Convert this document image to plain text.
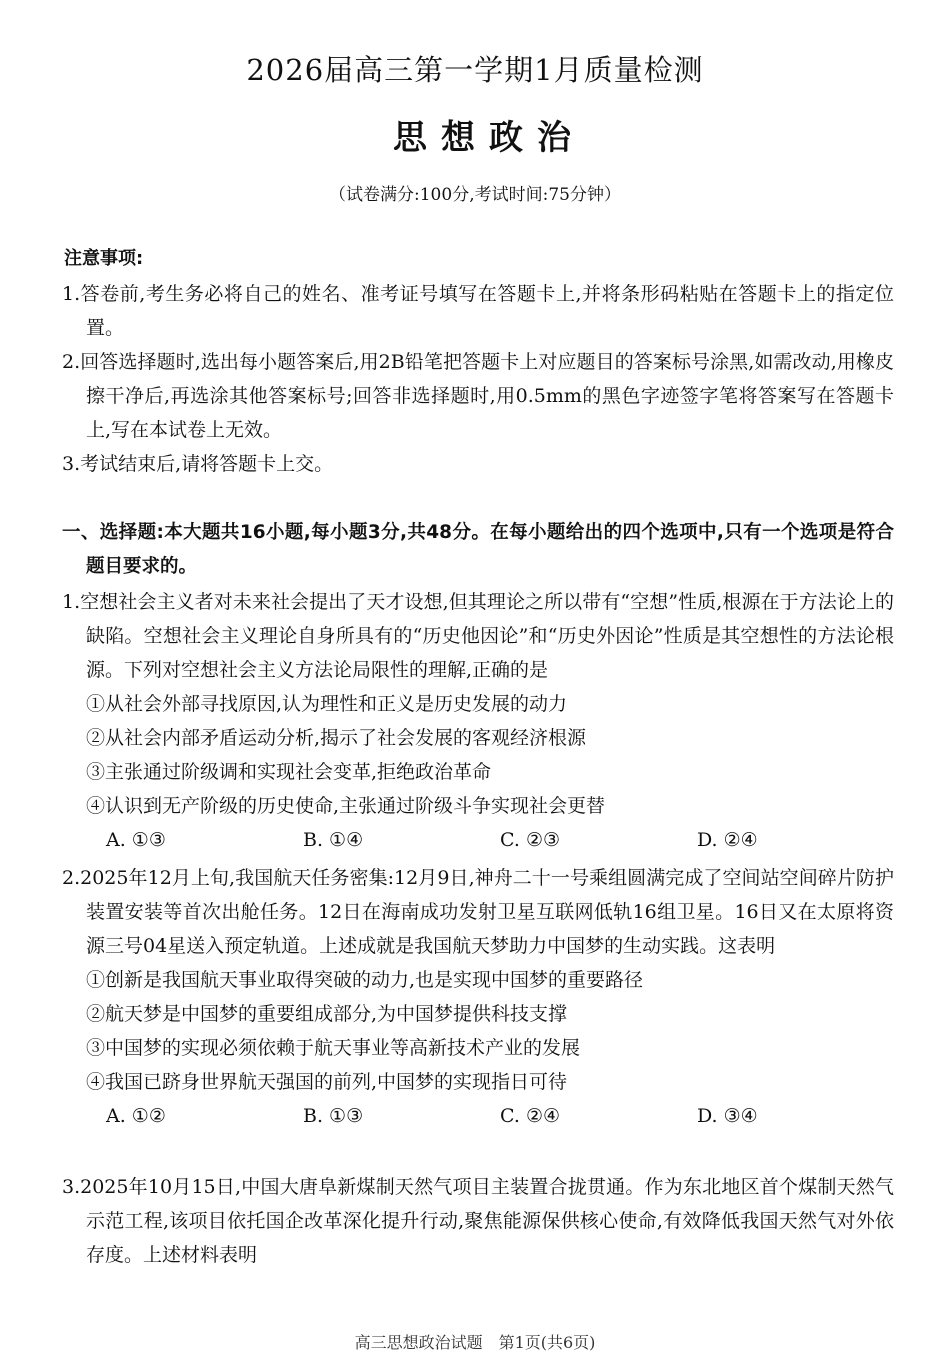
2026届高三第一学期1月质量检测
思想政治
（试卷满分:100分,考试时间:75分钟）
注意事项:

1.答卷前,考生务必将自己的姓名、准考证号填写在答题卡上,并将条形码粘贴在答题卡上的指定位置。

2.回答选择题时,选出每小题答案后,用2B铅笔把答题卡上对应题目的答案标号涂黑,如需改动,用橡皮擦干净后,再选涂其他答案标号;回答非选择题时,用0.5mm的黑色字迹签字笔将答案写在答题卡上,写在本试卷上无效。

3.考试结束后,请将答题卡上交。

一、选择题:本大题共16小题,每小题3分,共48分。在每小题给出的四个选项中,只有一个选项是符合题目要求的。

1.空想社会主义者对未来社会提出了天才设想,但其理论之所以带有“空想”性质,根源在于方法论上的缺陷。空想社会主义理论自身所具有的“历史他因论”和“历史外因论”性质是其空想性的方法论根源。下列对空想社会主义方法论局限性的理解,正确的是

①从社会外部寻找原因,认为理性和正义是历史发展的动力

②从社会内部矛盾运动分析,揭示了社会发展的客观经济根源

③主张通过阶级调和实现社会变革,拒绝政治革命

④认识到无产阶级的历史使命,主张通过阶级斗争实现社会更替

A. ①③	B. ①④	C. ②③	D. ②④

2.2025年12月上旬,我国航天任务密集:12月9日,神舟二十一号乘组圆满完成了空间站空间碎片防护装置安装等首次出舱任务。12日在海南成功发射卫星互联网低轨16组卫星。16日又在太原将资源三号04星送入预定轨道。上述成就是我国航天梦助力中国梦的生动实践。这表明

①创新是我国航天事业取得突破的动力,也是实现中国梦的重要路径

②航天梦是中国梦的重要组成部分,为中国梦提供科技支撑

③中国梦的实现必须依赖于航天事业等高新技术产业的发展

④我国已跻身世界航天强国的前列,中国梦的实现指日可待

A. ①②	B. ①③	C. ②④	D. ③④

3.2025年10月15日,中国大唐阜新煤制天然气项目主装置合拢贯通。作为东北地区首个煤制天然气示范工程,该项目依托国企改革深化提升行动,聚焦能源保供核心使命,有效降低我国天然气对外依存度。上述材料表明

高三思想政治试题　第1页(共6页)
